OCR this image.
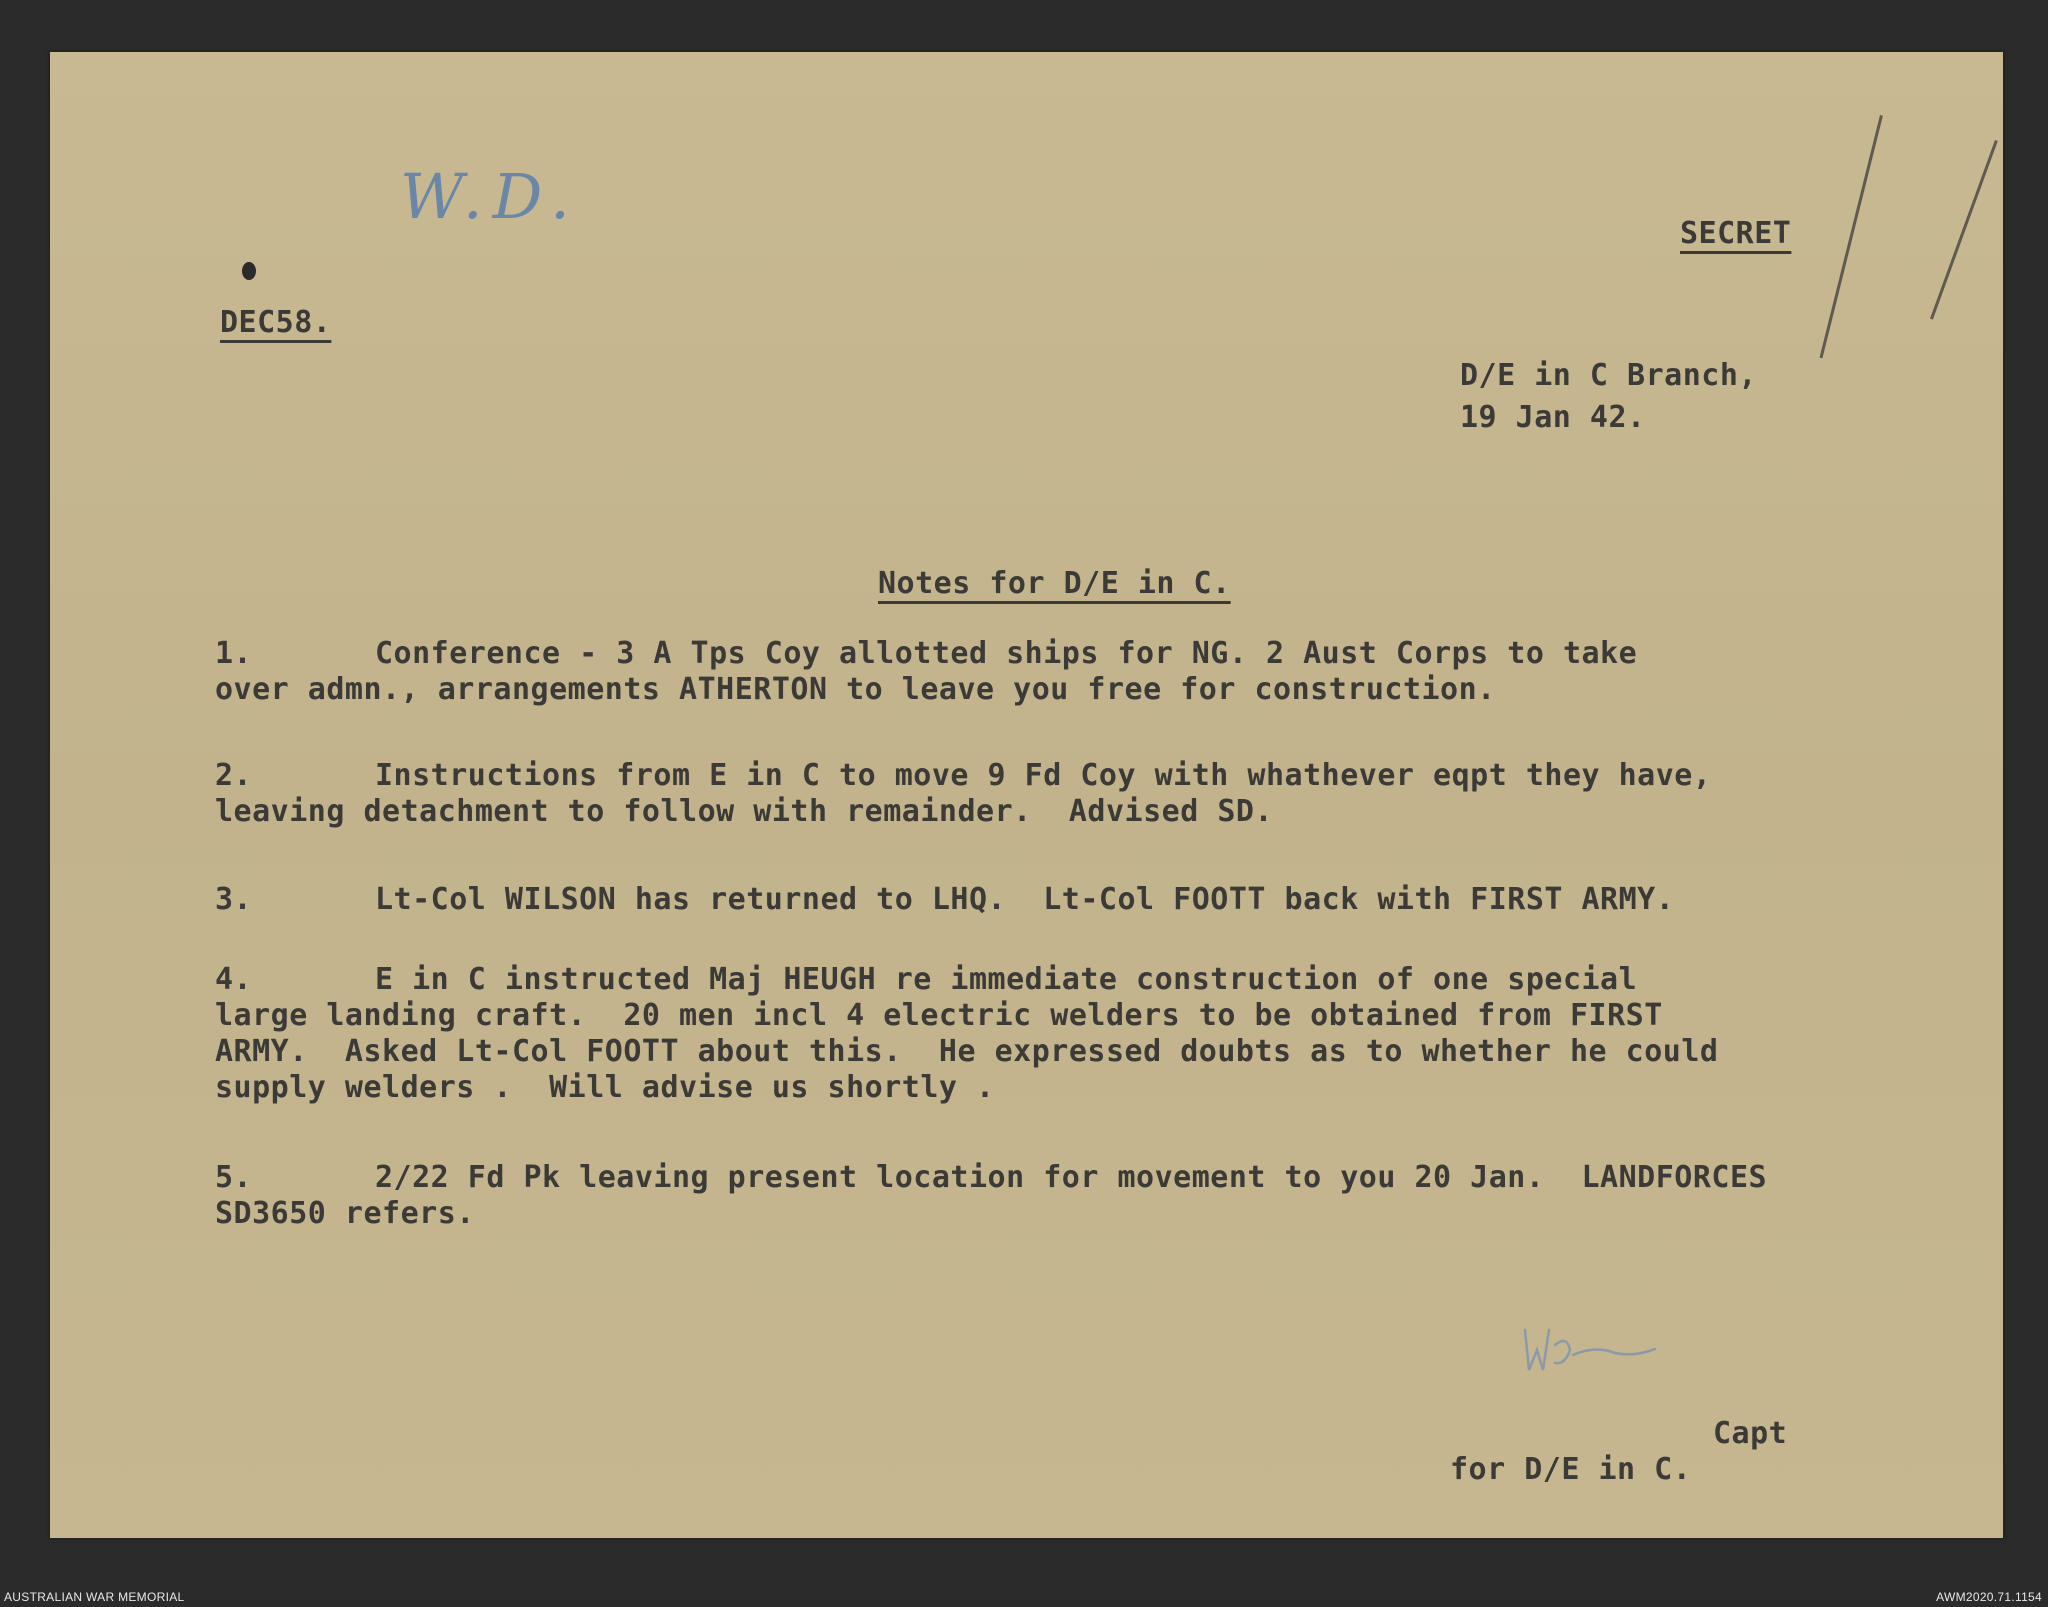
W.D.
SECRET
DEC58.
D/E in C Branch,
19 Jan 42.
Notes for D/E in C.
1.	Conference - 3 A Tps Coy allotted ships for NG. 2 Aust Corps to take
over admn., arrangements ATHERTON to leave you free for construction.
2.	Instructions from E in C to move 9 Fd Coy with whathever eqpt they have,
leaving detachment to follow with remainder.  Advised SD.
3.	Lt-Col WILSON has returned to LHQ.  Lt-Col FOOTT back with FIRST ARMY.
4.	E in C instructed Maj HEUGH re immediate construction of one special
large landing craft.  20 men incl 4 electric welders to be obtained from FIRST
ARMY.  Asked Lt-Col FOOTT about this.  He expressed doubts as to whether he could
supply welders .  Will advise us shortly .
5.	2/22 Fd Pk leaving present location for movement to you 20 Jan.  LANDFORCES
SD3650 refers.
Capt
for D/E in C.
AUSTRALIAN WAR MEMORIAL	AWM2020.71.1154
